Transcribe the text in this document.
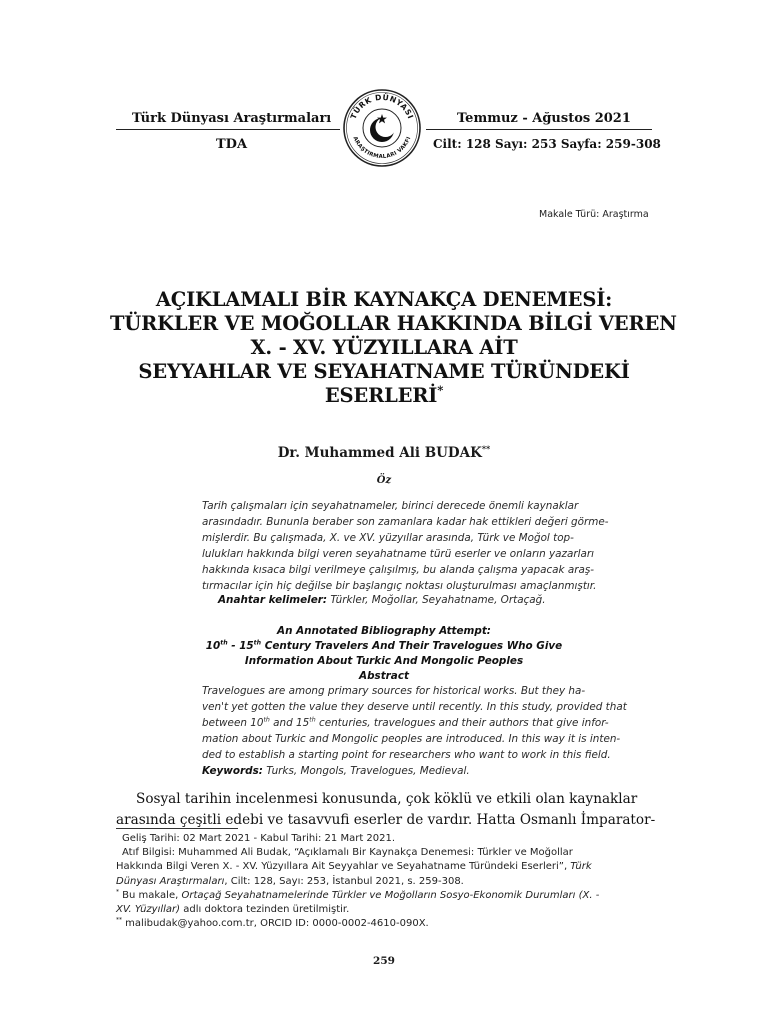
Türk Dünyası Araştırmaları	Temmuz - Ağustos 2021
TDA	Cilt: 128 Sayı: 253 Sayfa: 259-308
TÜRK DÜNYASI
ARAŞTIRMALARI VAKFI
Makale Türü: Araştırma
AÇIKLAMALI BİR KAYNAKÇA DENEMESİ:
TÜRKLER VE MOĞOLLAR HAKKINDA BİLGİ VEREN
X. - XV. YÜZYILLARA AİT
SEYYAHLAR VE SEYAHATNAME TÜRÜNDEKİ
ESERLERİ*
Dr. Muhammed Ali BUDAK**
Öz
Tarih çalışmaları için seyahatnameler, birinci derecede önemli kaynaklar
arasındadır. Bununla beraber son zamanlara kadar hak ettikleri değeri görme-
mişlerdir. Bu çalışmada, X. ve XV. yüzyıllar arasında, Türk ve Moğol top-
lulukları hakkında bilgi veren seyahatname türü eserler ve onların yazarları
hakkında kısaca bilgi verilmeye çalışılmış, bu alanda çalışma yapacak araş-
tırmacılar için hiç değilse bir başlangıç noktası oluşturulması amaçlanmıştır.
Anahtar kelimeler: Türkler, Moğollar, Seyahatname, Ortaçağ.
An Annotated Bibliography Attempt:
10th - 15th Century Travelers And Their Travelogues Who Give
Information About Turkic And Mongolic Peoples
Abstract
Travelogues are among primary sources for historical works. But they ha-
ven't yet gotten the value they deserve until recently. In this study, provided that
between 10th and 15th centuries, travelogues and their authors that give infor-
mation about Turkic and Mongolic peoples are introduced. In this way it is inten-
ded to establish a starting point for researchers who want to work in this field.
Keywords: Turks, Mongols, Travelogues, Medieval.
Sosyal tarihin incelenmesi konusunda, çok köklü ve etkili olan kaynaklar
arasında çeşitli edebi ve tasavvufi eserler de vardır. Hatta Osmanlı İmparator-
Geliş Tarihi: 02 Mart 2021 - Kabul Tarihi: 21 Mart 2021.
Atıf Bilgisi: Muhammed Ali Budak, “Açıklamalı Bir Kaynakça Denemesi: Türkler ve Moğollar
Hakkında Bilgi Veren X. - XV. Yüzyıllara Ait Seyyahlar ve Seyahatname Türündeki Eserleri”, Türk
Dünyası Araştırmaları, Cilt: 128, Sayı: 253, İstanbul 2021, s. 259-308.
* Bu makale, Ortaçağ Seyahatnamelerinde Türkler ve Moğolların Sosyo-Ekonomik Durumları (X. -
XV. Yüzyıllar) adlı doktora tezinden üretilmiştir.
** malibudak@yahoo.com.tr, ORCID ID: 0000-0002-4610-090X.
259
